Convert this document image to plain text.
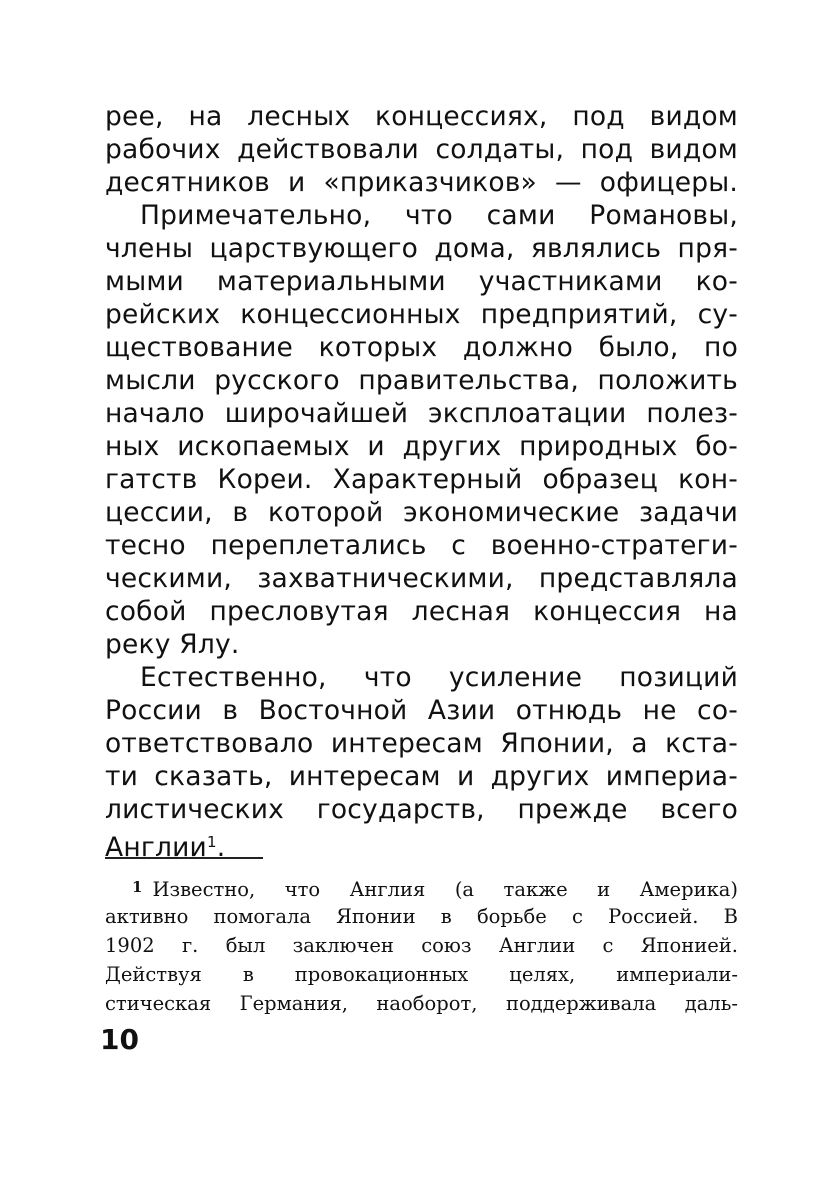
рее, на лесных концессиях, под видом
рабочих действовали солдаты, под видом
десятников и «приказчиков» — офицеры.
Примечательно, что сами Романовы,
члены царствующего дома, являлись пря-
мыми материальными участниками ко-
рейских концессионных предприятий, су-
ществование которых должно было, по
мысли русского правительства, положить
начало широчайшей эксплоатации полез-
ных ископаемых и других природных бо-
гатств Кореи. Характерный образец кон-
цессии, в которой экономические задачи
тесно переплетались с военно-стратеги-
ческими, захватническими, представляла
собой пресловутая лесная концессия на
реку Ялу.
Естественно, что усиление позиций
России в Восточной Азии отнюдь не со-
ответствовало интересам Японии, а кста-
ти сказать, интересам и других империа-
листических государств, прежде всего
Англии$^1$.
$^1$ Известно, что Англия (а также и Америка)
активно помогала Японии в борьбе с Россией. В
1902 г. был заключен союз Англии с Японией.
Действуя в провокационных целях, империали-
стическая Германия, наоборот, поддерживала даль-
10
